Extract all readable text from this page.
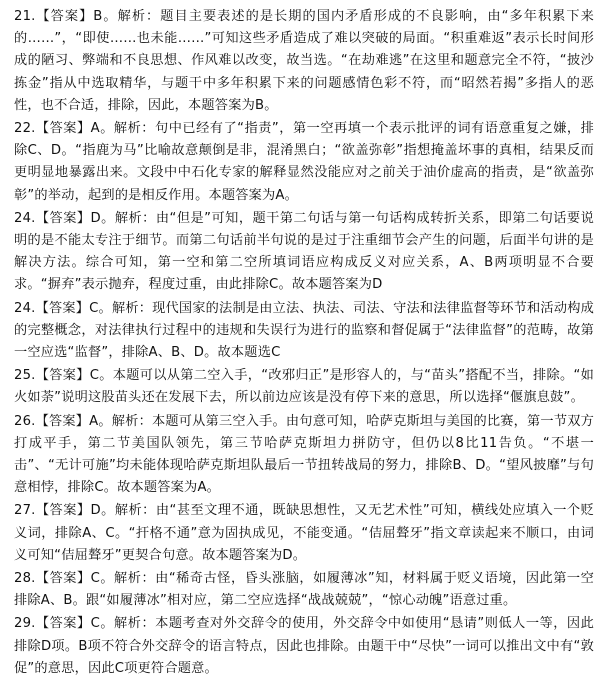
21.【答案】B。解析：题目主要表述的是长期的国内矛盾形成的不良影响，由“多年积累下来的……”，“即使……也未能……”可知这些矛盾造成了难以突破的局面。“积重难返”表示长时间形成的陋习、弊端和不良思想、作风难以改变，故当选。“在劫难逃”在这里和题意完全不符，“披沙拣金”指从中选取精华，与题干中多年积累下来的问题感情色彩不符，而“昭然若揭”多指人的恶性，也不合适，排除，因此，本题答案为B。

22.【答案】A。解析：句中已经有了“指责”，第一空再填一个表示批评的词有语意重复之嫌，排除C、D。“指鹿为马”比喻故意颠倒是非，混淆黑白；“欲盖弥彰”指想掩盖坏事的真相，结果反而更明显地暴露出来。文段中中石化专家的解释显然没能应对之前关于油价虚高的指责，是“欲盖弥彰”的举动，起到的是相反作用。本题答案为A。

24.【答案】D。解析：由“但是”可知，题干第二句话与第一句话构成转折关系，即第二句话要说明的是不能太专注于细节。而第二句话前半句说的是过于注重细节会产生的问题，后面半句讲的是解决方法。综合可知，第一空和第二空所填词语应构成反义对应关系，A、B两项明显不合要求。“摒弃”表示抛弃，程度过重，由此排除C。故本题答案为D

24.【答案】C。解析：现代国家的法制是由立法、执法、司法、守法和法律监督等环节和活动构成的完整概念，对法律执行过程中的违规和失误行为进行的监察和督促属于“法律监督”的范畴，故第一空应选“监督”，排除A、B、D。故本题选C

25.【答案】C。本题可以从第二空入手，“改邪归正”是形容人的，与“苗头”搭配不当，排除。“如火如荼”说明这股苗头还在发展下去，所以前边应该是没有停下来的意思，所以选择“偃旗息鼓”。

26.【答案】A。解析：本题可从第三空入手。由句意可知，哈萨克斯坦与美国的比赛，第一节双方打成平手，第二节美国队领先，第三节哈萨克斯坦力拼防守，但仍以8比11告负。“不堪一击”、“无计可施”均未能体现哈萨克斯坦队最后一节扭转战局的努力，排除B、D。“望风披靡”与句意相悖，排除C。故本题答案为A。

27.【答案】D。解析：由“甚至文理不通，既缺思想性，又无艺术性”可知，横线处应填入一个贬义词，排除A、C。“扞格不通”意为固执成见，不能变通。“佶屈聱牙”指文章读起来不顺口，由词义可知“佶屈聱牙”更契合句意。故本题答案为D。

28.【答案】C。解析：由“稀奇古怪，昏头涨脑，如履薄冰”知，材料属于贬义语境，因此第一空排除A、B。跟“如履薄冰”相对应，第二空应选择“战战兢兢”，“惊心动魄”语意过重。

29.【答案】C。解析：本题考查对外交辞令的使用，外交辞令中如使用“恳请”则低人一等，因此排除D项。B项不符合外交辞令的语言特点，因此也排除。由题干中“尽快”一词可以推出文中有“敦促”的意思，因此C项更符合题意。
